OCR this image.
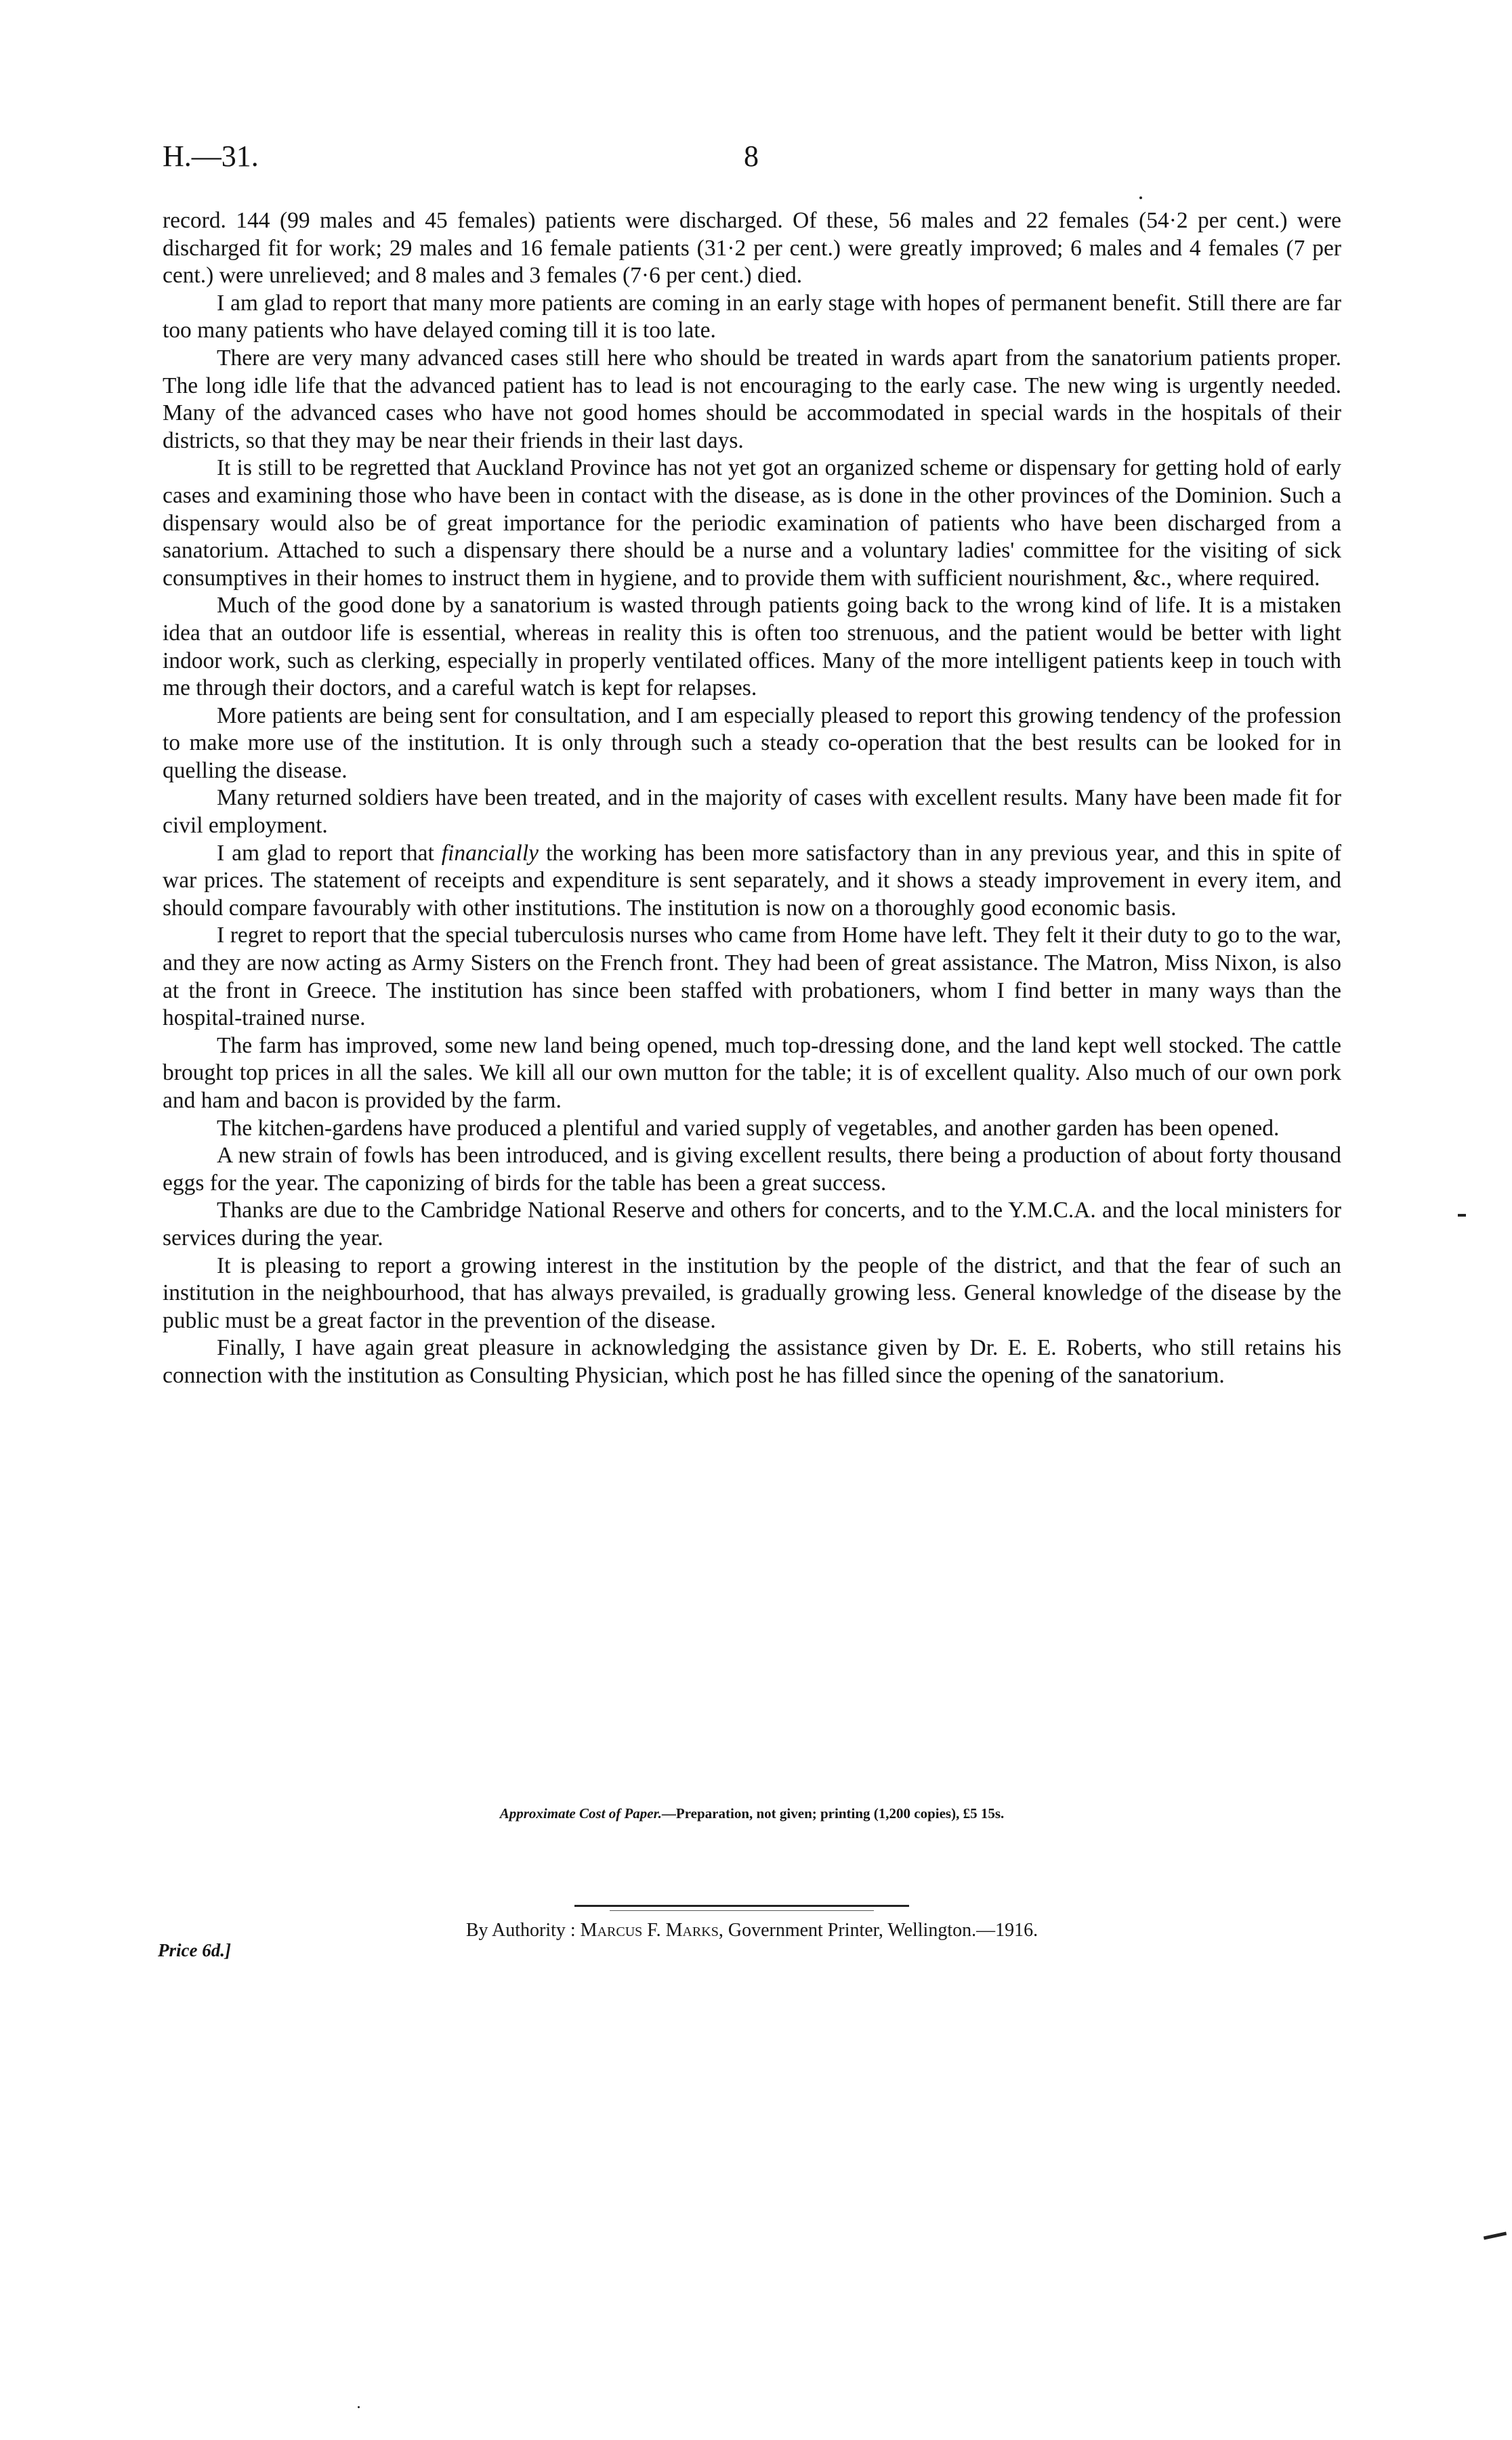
H.—31.	8

record. 144 (99 males and 45 females) patients were discharged. Of these, 56 males and 22 females (54·2 per cent.) were discharged fit for work; 29 males and 16 female patients (31·2 per cent.) were greatly improved; 6 males and 4 females (7 per cent.) were unrelieved; and 8 males and 3 females (7·6 per cent.) died.

I am glad to report that many more patients are coming in an early stage with hopes of permanent benefit. Still there are far too many patients who have delayed coming till it is too late.

There are very many advanced cases still here who should be treated in wards apart from the sanatorium patients proper. The long idle life that the advanced patient has to lead is not encouraging to the early case. The new wing is urgently needed. Many of the advanced cases who have not good homes should be accommodated in special wards in the hospitals of their districts, so that they may be near their friends in their last days.

It is still to be regretted that Auckland Province has not yet got an organized scheme or dispensary for getting hold of early cases and examining those who have been in contact with the disease, as is done in the other provinces of the Dominion. Such a dispensary would also be of great importance for the periodic examination of patients who have been discharged from a sanatorium. Attached to such a dispensary there should be a nurse and a voluntary ladies' committee for the visiting of sick consumptives in their homes to instruct them in hygiene, and to provide them with sufficient nourishment, &c., where required.

Much of the good done by a sanatorium is wasted through patients going back to the wrong kind of life. It is a mistaken idea that an outdoor life is essential, whereas in reality this is often too strenuous, and the patient would be better with light indoor work, such as clerking, especially in properly ventilated offices. Many of the more intelligent patients keep in touch with me through their doctors, and a careful watch is kept for relapses.

More patients are being sent for consultation, and I am especially pleased to report this growing tendency of the profession to make more use of the institution. It is only through such a steady co-operation that the best results can be looked for in quelling the disease.

Many returned soldiers have been treated, and in the majority of cases with excellent results. Many have been made fit for civil employment.

I am glad to report that financially the working has been more satisfactory than in any previous year, and this in spite of war prices. The statement of receipts and expenditure is sent separately, and it shows a steady improvement in every item, and should compare favourably with other institutions. The institution is now on a thoroughly good economic basis.

I regret to report that the special tuberculosis nurses who came from Home have left. They felt it their duty to go to the war, and they are now acting as Army Sisters on the French front. They had been of great assistance. The Matron, Miss Nixon, is also at the front in Greece. The institution has since been staffed with probationers, whom I find better in many ways than the hospital-trained nurse.

The farm has improved, some new land being opened, much top-dressing done, and the land kept well stocked. The cattle brought top prices in all the sales. We kill all our own mutton for the table; it is of excellent quality. Also much of our own pork and ham and bacon is provided by the farm.

The kitchen-gardens have produced a plentiful and varied supply of vegetables, and another garden has been opened.

A new strain of fowls has been introduced, and is giving excellent results, there being a production of about forty thousand eggs for the year. The caponizing of birds for the table has been a great success.

Thanks are due to the Cambridge National Reserve and others for concerts, and to the Y.M.C.A. and the local ministers for services during the year.

It is pleasing to report a growing interest in the institution by the people of the district, and that the fear of such an institution in the neighbourhood, that has always prevailed, is gradually growing less. General knowledge of the disease by the public must be a great factor in the prevention of the disease.

Finally, I have again great pleasure in acknowledging the assistance given by Dr. E. E. Roberts, who still retains his connection with the institution as Consulting Physician, which post he has filled since the opening of the sanatorium.

Approximate Cost of Paper.—Preparation, not given; printing (1,200 copies), £5 15s.
By Authority : Marcus F. Marks, Government Printer, Wellington.—1916.
Price 6d.]
